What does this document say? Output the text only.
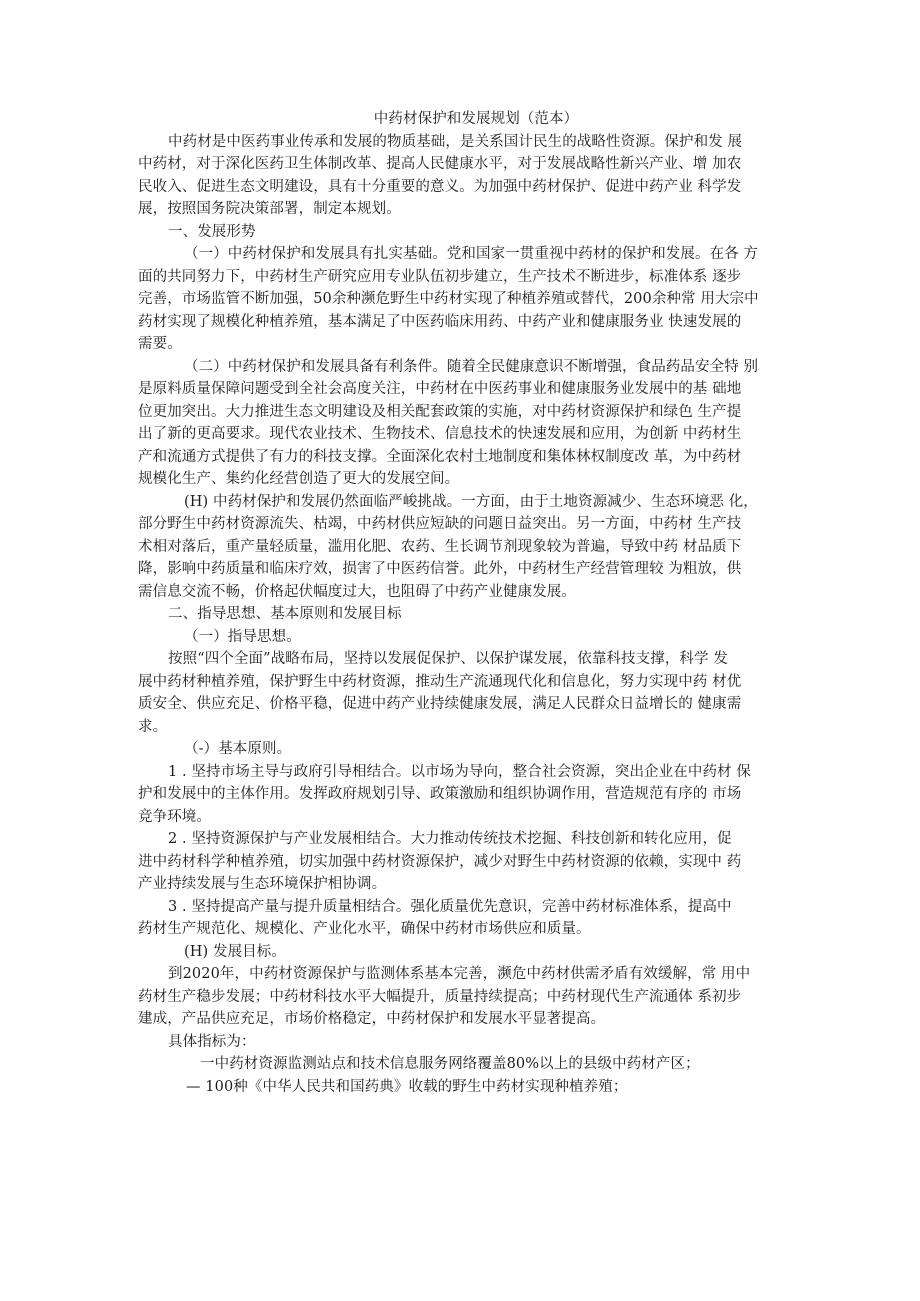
中药材保护和发展规划（范本）
中药材是中医药事业传承和发展的物质基础，是关系国计民生的战略性资源。保护和发 展
中药材，对于深化医药卫生体制改革、提高人民健康水平，对于发展战略性新兴产业、增 加农
民收入、促进生态文明建设，具有十分重要的意义。为加强中药材保护、促进中药产业 科学发
展，按照国务院决策部署，制定本规划。
一、发展形势
（一）中药材保护和发展具有扎实基础。党和国家一贯重视中药材的保护和发展。在各 方
面的共同努力下，中药材生产研究应用专业队伍初步建立，生产技术不断进步，标准体系 逐步
完善，市场监管不断加强，50余种濒危野生中药材实现了种植养殖或替代，200余种常 用大宗中
药材实现了规模化种植养殖，基本满足了中医药临床用药、中药产业和健康服务业 快速发展的
需要。
（二）中药材保护和发展具备有利条件。随着全民健康意识不断增强，食品药品安全特 别
是原料质量保障问题受到全社会高度关注，中药材在中医药事业和健康服务业发展中的基 础地
位更加突出。大力推进生态文明建设及相关配套政策的实施，对中药材资源保护和绿色 生产提
出了新的更高要求。现代农业技术、生物技术、信息技术的快速发展和应用，为创新 中药材生
产和流通方式提供了有力的科技支撑。全面深化农村土地制度和集体林权制度改 革，为中药材
规模化生产、集约化经营创造了更大的发展空间。
(H) 中药材保护和发展仍然面临严峻挑战。一方面，由于土地资源减少、生态环境恶 化，
部分野生中药材资源流失、枯竭，中药材供应短缺的问题日益突出。另一方面，中药材 生产技
术相对落后，重产量轻质量，滥用化肥、农药、生长调节剂现象较为普遍，导致中药 材品质下
降，影响中药质量和临床疗效，损害了中医药信誉。此外，中药材生产经营管理较 为粗放，供
需信息交流不畅，价格起伏幅度过大，也阻碍了中药产业健康发展。
二、指导思想、基本原则和发展目标
（一）指导思想。
按照“四个全面”战略布局，坚持以发展促保护、以保护谋发展，依靠科技支撑，科学 发
展中药材种植养殖，保护野生中药材资源，推动生产流通现代化和信息化，努力实现中药 材优
质安全、供应充足、价格平稳，促进中药产业持续健康发展，满足人民群众日益增长的 健康需
求。
（-）基本原则。
1 . 坚持市场主导与政府引导相结合。以市场为导向，整合社会资源，突出企业在中药材 保
护和发展中的主体作用。发挥政府规划引导、政策激励和组织协调作用，营造规范有序的 市场
竞争环境。
2 . 坚持资源保护与产业发展相结合。大力推动传统技术挖掘、科技创新和转化应用，促
进中药材科学种植养殖，切实加强中药材资源保护，减少对野生中药材资源的依赖，实现中 药
产业持续发展与生态环境保护相协调。
3 . 坚持提高产量与提升质量相结合。强化质量优先意识，完善中药材标准体系，提高中
药材生产规范化、规模化、产业化水平，确保中药材市场供应和质量。
(H) 发展目标。
到2020年，中药材资源保护与监测体系基本完善，濒危中药材供需矛盾有效缓解，常 用中
药材生产稳步发展；中药材科技水平大幅提升，质量持续提高；中药材现代生产流通体 系初步
建成，产品供应充足，市场价格稳定，中药材保护和发展水平显著提高。
具体指标为：
一中药材资源监测站点和技术信息服务网络覆盖80%以上的县级中药材产区；
— 100种《中华人民共和国药典》收载的野生中药材实现种植养殖；
